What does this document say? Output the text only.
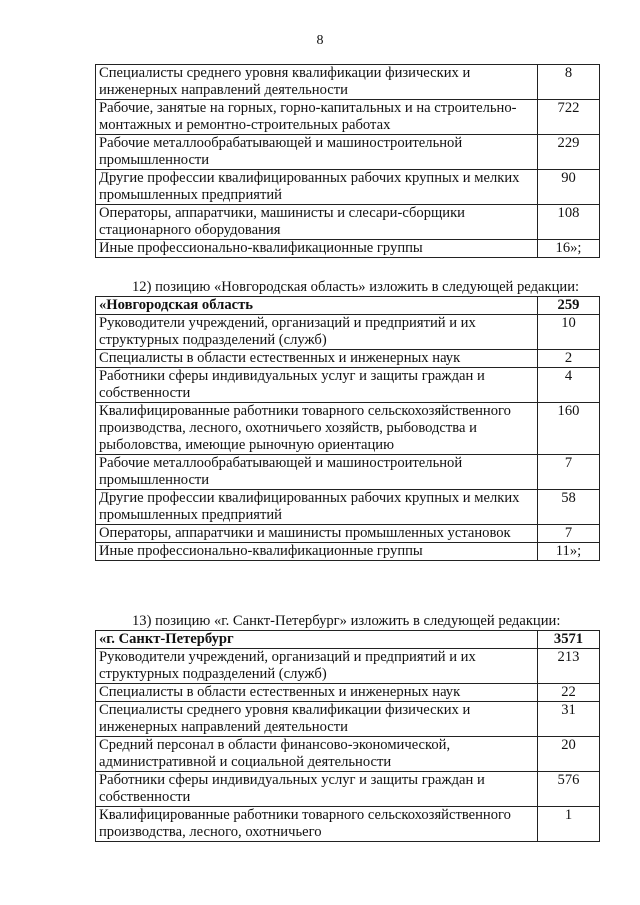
8
Специалисты среднего уровня квалификации физических и инженерных направлений деятельности	8
Рабочие, занятые на горных, горно-капитальных и на строительно-монтажных и ремонтно-строительных работах	722
Рабочие металлообрабатывающей и машиностроительной промышленности	229
Другие профессии квалифицированных рабочих крупных и мелких промышленных предприятий	90
Операторы, аппаратчики, машинисты и слесари-сборщики стационарного оборудования	108
Иные профессионально-квалификационные группы	16»;
12) позицию «Новгородская область» изложить в следующей редакции:
«Новгородская область	259
Руководители учреждений, организаций и предприятий и их структурных подразделений (служб)	10
Специалисты в области естественных и инженерных наук	2
Работники сферы индивидуальных услуг и защиты граждан и собственности	4
Квалифицированные работники товарного сельскохозяйственного производства, лесного, охотничьего хозяйств, рыбоводства и рыболовства, имеющие рыночную ориентацию	160
Рабочие металлообрабатывающей и машиностроительной промышленности	7
Другие профессии квалифицированных рабочих крупных и мелких промышленных предприятий	58
Операторы, аппаратчики и машинисты промышленных установок	7
Иные профессионально-квалификационные группы	11»;
13) позицию «г. Санкт-Петербург» изложить в следующей редакции:
«г. Санкт-Петербург	3571
Руководители учреждений, организаций и предприятий и их структурных подразделений (служб)	213
Специалисты в области естественных и инженерных наук	22
Специалисты среднего уровня квалификации физических и инженерных направлений деятельности	31
Средний персонал в области финансово-экономической, административной и социальной деятельности	20
Работники сферы индивидуальных услуг и защиты граждан и собственности	576
Квалифицированные работники товарного сельскохозяйственного производства, лесного, охотничьего	1
